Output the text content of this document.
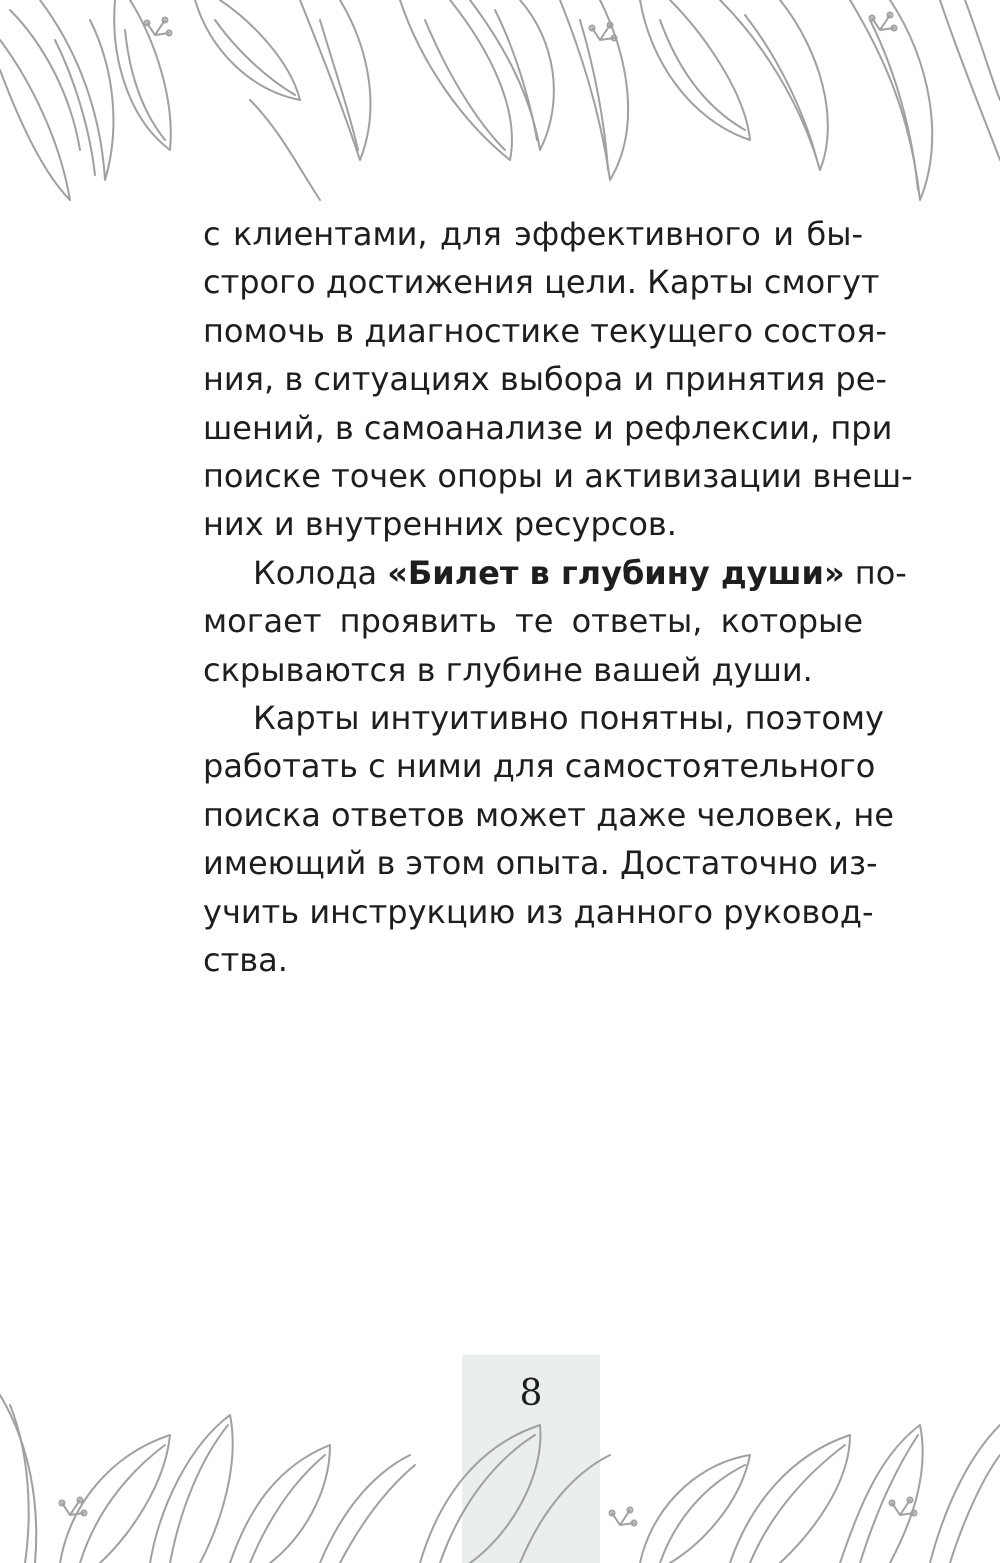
с клиентами, для эффективного и бы-
строго достижения цели. Карты смогут
помочь в диагностике текущего состоя-
ния, в ситуациях выбора и принятия ре-
шений, в самоанализе и рефлексии, при
поиске точек опоры и активизации внеш-
них и внутренних ресурсов.

Колода «Билет в глубину души» по-
могает проявить те ответы, которые
скрываются в глубине вашей души.

Карты интуитивно понятны, поэтому
работать с ними для самостоятельного
поиска ответов может даже человек, не
имеющий в этом опыта. Достаточно из-
учить инструкцию из данного руковод-
ства.

8
